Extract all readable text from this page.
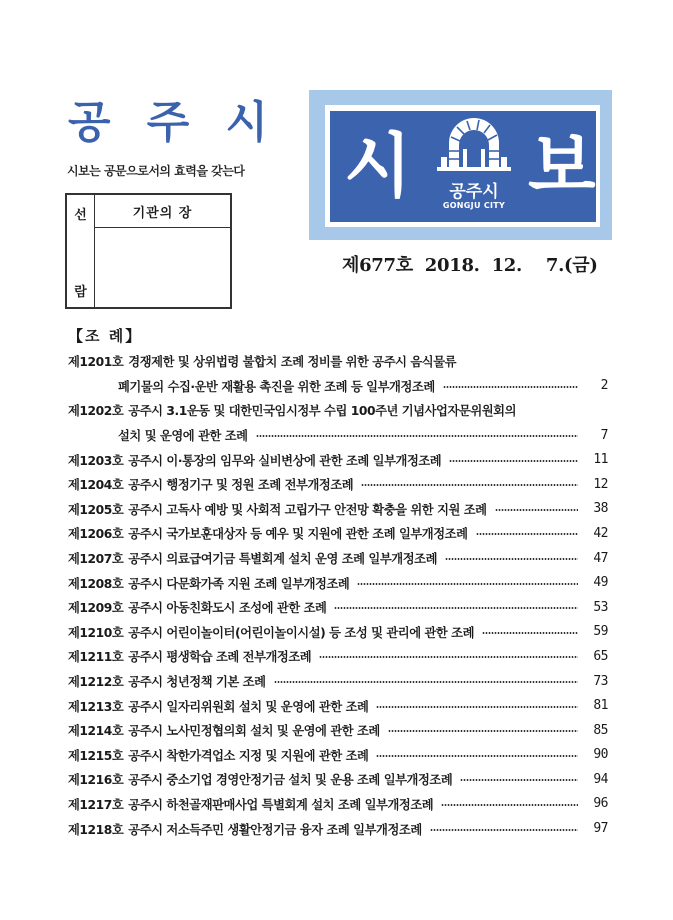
공 주 시
시보는 공문으로서의 효력을 갖는다
선
람
기관의 장
시	공주시
GONGJU CITY 보
제677호  2018.  12.    7.(금)
【조 례】
제1201호 경쟁제한 및 상위법령 불합치 조례 정비를 위한 공주시 음식물류
폐기물의 수집·운반 재활용 촉진을 위한 조례 등 일부개정조례	2
제1202호 공주시 3.1운동 및 대한민국임시정부 수립 100주년 기념사업자문위원회의
설치 및 운영에 관한 조례	7
제1203호 공주시 이·통장의 임무와 실비변상에 관한 조례 일부개정조례	11
제1204호 공주시 행정기구 및 정원 조례 전부개정조례	12
제1205호 공주시 고독사 예방 및 사회적 고립가구 안전망 확충을 위한 지원 조례	38
제1206호 공주시 국가보훈대상자 등 예우 및 지원에 관한 조례 일부개정조례	42
제1207호 공주시 의료급여기금 특별회계 설치 운영 조례 일부개정조례	47
제1208호 공주시 다문화가족 지원 조례 일부개정조례	49
제1209호 공주시 아동친화도시 조성에 관한 조례	53
제1210호 공주시 어린이놀이터(어린이놀이시설) 등 조성 및 관리에 관한 조례	59
제1211호 공주시 평생학습 조례 전부개정조례	65
제1212호 공주시 청년정책 기본 조례	73
제1213호 공주시 일자리위원회 설치 및 운영에 관한 조례	81
제1214호 공주시 노사민정협의회 설치 및 운영에 관한 조례	85
제1215호 공주시 착한가격업소 지정 및 지원에 관한 조례	90
제1216호 공주시 중소기업 경영안정기금 설치 및 운용 조례 일부개정조례	94
제1217호 공주시 하천골재판매사업 특별회계 설치 조례 일부개정조례	96
제1218호 공주시 저소득주민 생활안정기금 융자 조례 일부개정조례	97
